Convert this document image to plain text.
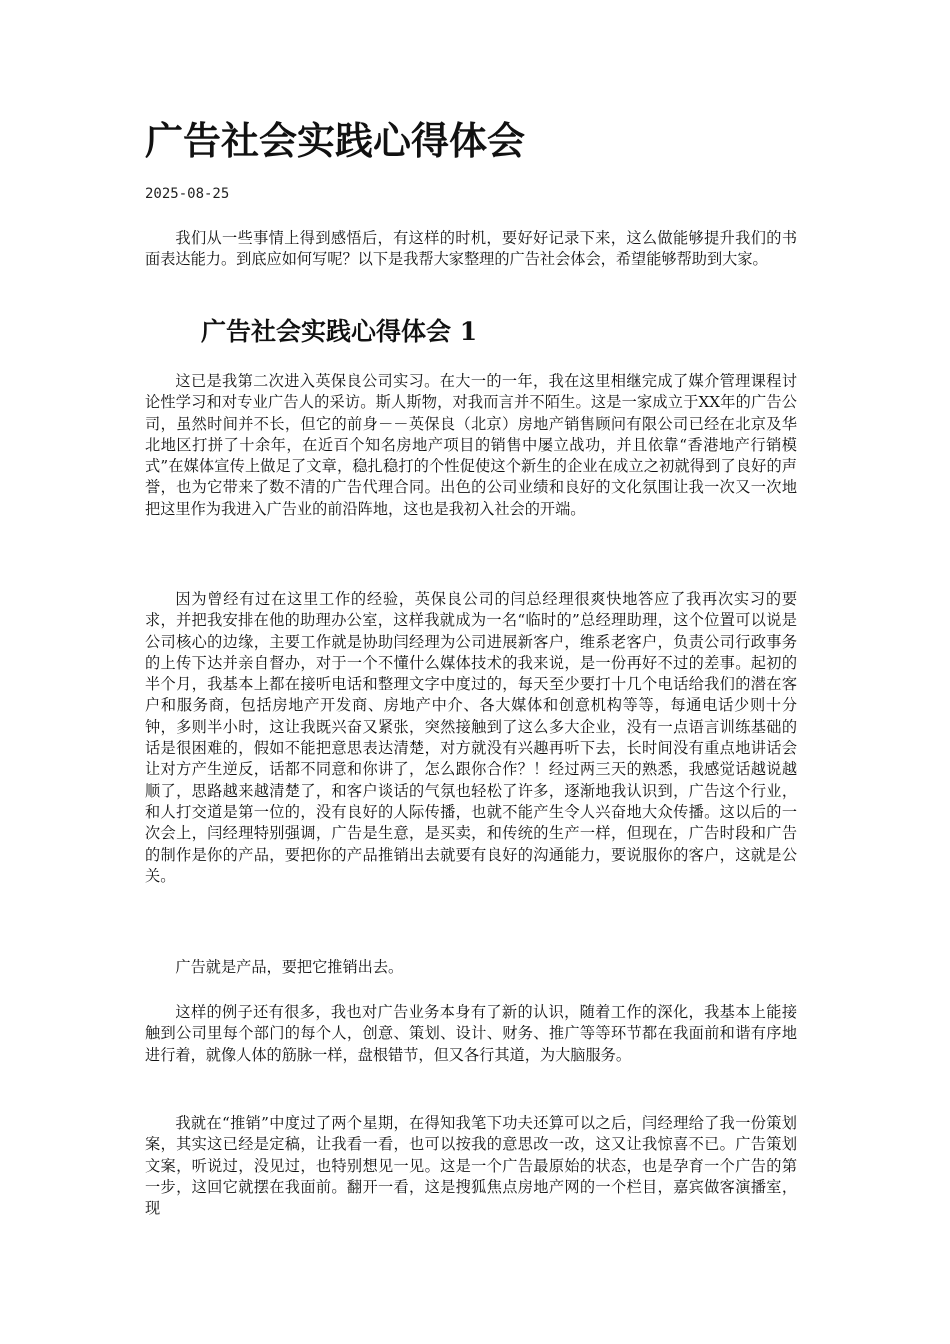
广告社会实践心得体会
2025-08-25

我们从一些事情上得到感悟后，有这样的时机，要好好记录下来，这么做能够提升我们的书面表达能力。到底应如何写呢？以下是我帮大家整理的广告社会体会，希望能够帮助到大家。

广告社会实践心得体会 1

这已是我第二次进入英保良公司实习。在大一的一年，我在这里相继完成了媒介管理课程讨论性学习和对专业广告人的采访。斯人斯物，对我而言并不陌生。这是一家成立于XX年的广告公司，虽然时间并不长，但它的前身－－英保良（北京）房地产销售顾问有限公司已经在北京及华北地区打拼了十余年，在近百个知名房地产项目的销售中屡立战功，并且依靠“香港地产行销模式”在媒体宣传上做足了文章，稳扎稳打的个性促使这个新生的企业在成立之初就得到了良好的声誉，也为它带来了数不清的广告代理合同。出色的公司业绩和良好的文化氛围让我一次又一次地把这里作为我进入广告业的前沿阵地，这也是我初入社会的开端。

因为曾经有过在这里工作的经验，英保良公司的闫总经理很爽快地答应了我再次实习的要求，并把我安排在他的助理办公室，这样我就成为一名“临时的”总经理助理，这个位置可以说是公司核心的边缘，主要工作就是协助闫经理为公司进展新客户，维系老客户，负责公司行政事务的上传下达并亲自督办，对于一个不懂什么媒体技术的我来说，是一份再好不过的差事。起初的半个月，我基本上都在接听电话和整理文字中度过的，每天至少要打十几个电话给我们的潜在客户和服务商，包括房地产开发商、房地产中介、各大媒体和创意机构等等，每通电话少则十分钟，多则半小时，这让我既兴奋又紧张，突然接触到了这么多大企业，没有一点语言训练基础的话是很困难的，假如不能把意思表达清楚，对方就没有兴趣再听下去，长时间没有重点地讲话会让对方产生逆反，话都不同意和你讲了，怎么跟你合作？！经过两三天的熟悉，我感觉话越说越顺了，思路越来越清楚了，和客户谈话的气氛也轻松了许多，逐渐地我认识到，广告这个行业，和人打交道是第一位的，没有良好的人际传播，也就不能产生令人兴奋地大众传播。这以后的一次会上，闫经理特别强调，广告是生意，是买卖，和传统的生产一样，但现在，广告时段和广告的制作是你的产品，要把你的产品推销出去就要有良好的沟通能力，要说服你的客户，这就是公关。

广告就是产品，要把它推销出去。

这样的例子还有很多，我也对广告业务本身有了新的认识，随着工作的深化，我基本上能接触到公司里每个部门的每个人，创意、策划、设计、财务、推广等等环节都在我面前和谐有序地进行着，就像人体的筋脉一样，盘根错节，但又各行其道，为大脑服务。

我就在“推销”中度过了两个星期，在得知我笔下功夫还算可以之后，闫经理给了我一份策划案，其实这已经是定稿，让我看一看，也可以按我的意思改一改，这又让我惊喜不已。广告策划文案，听说过，没见过，也特别想见一见。这是一个广告最原始的状态，也是孕育一个广告的第一步，这回它就摆在我面前。翻开一看，这是搜狐焦点房地产网的一个栏目，嘉宾做客演播室，现
